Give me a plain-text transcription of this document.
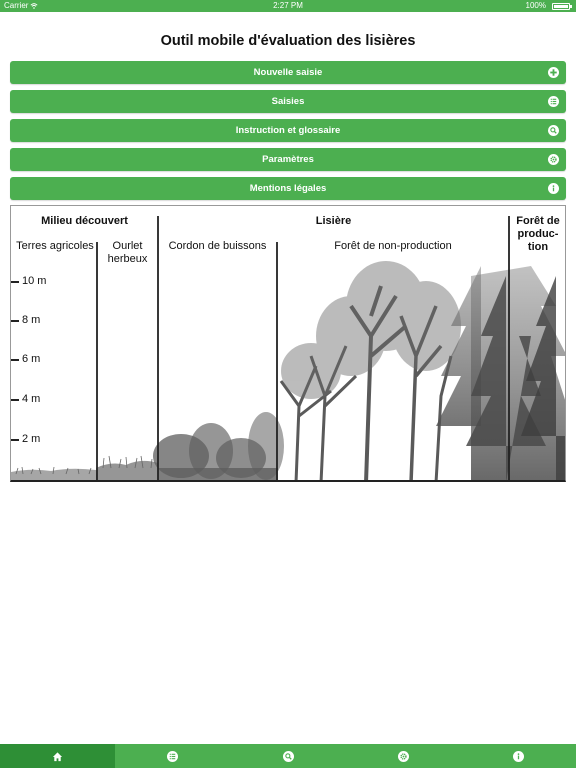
Carrier	2:27 PM	100%
Outil mobile d'évaluation des lisières
Nouvelle saisie
Saisies
Instruction et glossaire
Paramètres
Mentions légales
Milieu découvert	Lisière	Forêt de
produc-
tion
Terres agricoles	Ourlet
herbeux
Cordon de buissons	Forêt de non-production
10 m
8 m
6 m
4 m
2 m
